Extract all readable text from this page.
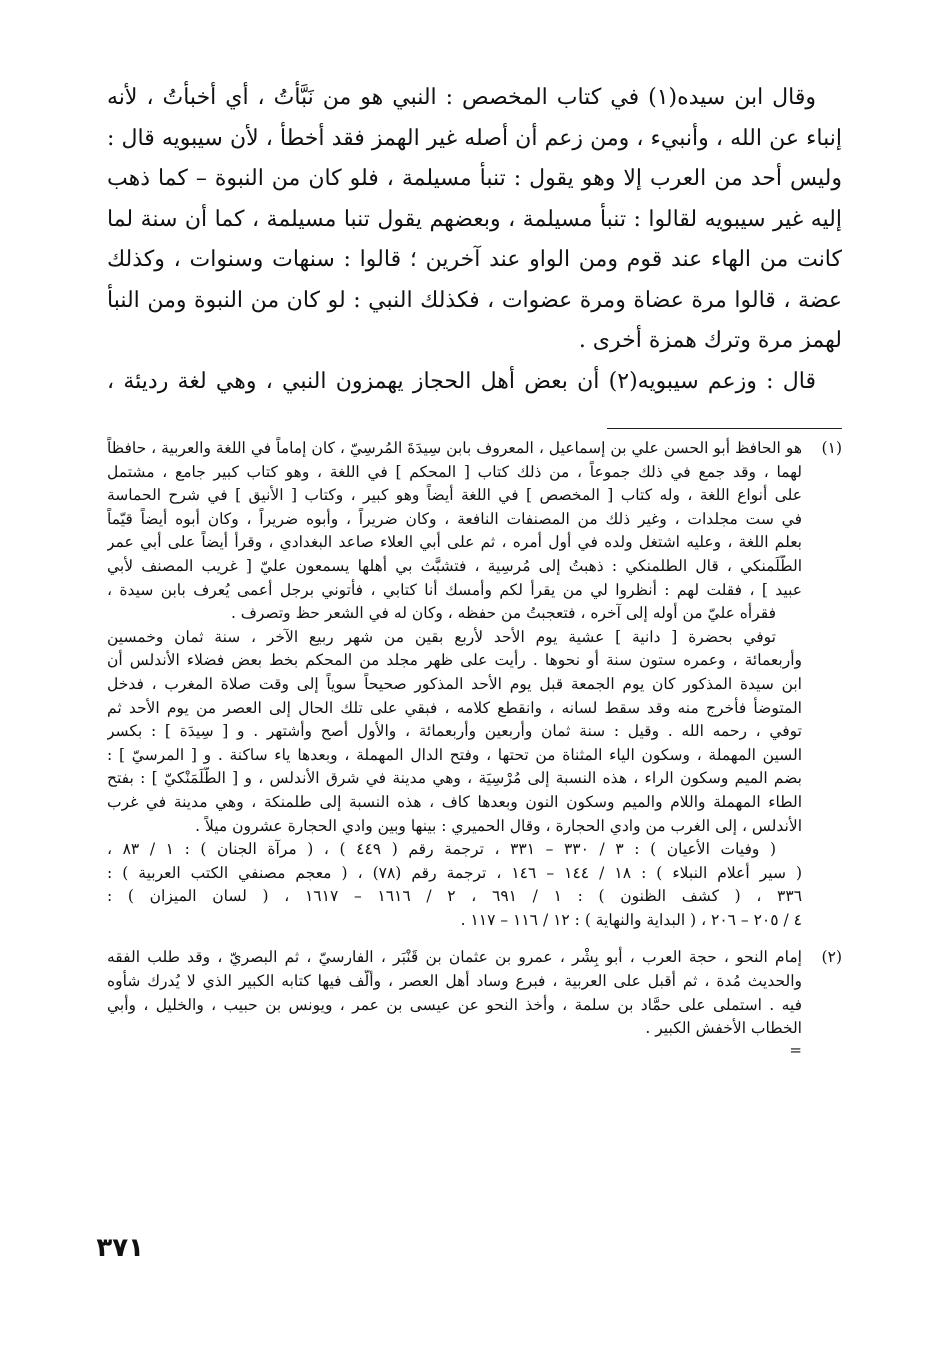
وقال ابن سيده(١) في كتاب المخصص : النبي هو من نَبَّأتُ ، أي أخبأتُ ، لأنه
إنباء عن الله ، وأنبيء ، ومن زعم أن أصله غير الهمز فقد أخطأ ، لأن سيبويه قال :
وليس أحد من العرب إلا وهو يقول : تنبأ مسيلمة ، فلو كان من النبوة – كما ذهب
إليه غير سيبويه لقالوا : تنبأ مسيلمة ، وبعضهم يقول تنبا مسيلمة ، كما أن سنة لما
كانت من الهاء عند قوم ومن الواو عند آخرين ؛ قالوا : سنهات وسنوات ، وكذلك
عضة ، قالوا مرة عضاة ومرة عضوات ، فكذلك النبي : لو كان من النبوة ومن النبأ
لهمز مرة وترك همزة أخرى .
قال : وزعم سيبويه(٢) أن بعض أهل الحجاز يهمزون النبي ، وهي لغة رديئة ،
(١)

هو الحافظ أبو الحسن علي بن إسماعيل ، المعروف بابن سِيدَةَ المُرسِيّ ، كان إماماً في اللغة والعربية ، حافظاً
لهما ، وقد جمع في ذلك جموعاً ، من ذلك كتاب [ المحكم ] في اللغة ، وهو كتاب كبير جامع ، مشتمل
على أنواع اللغة ، وله كتاب [ المخصص ] في اللغة أيضاً وهو كبير ، وكتاب [ الأنيق ] في شرح الحماسة
في ست مجلدات ، وغير ذلك من المصنفات النافعة ، وكان ضريراً ، وأبوه ضريراً ، وكان أبوه أيضاً قيّماً
بعلم اللغة ، وعليه اشتغل ولده في أول أمره ، ثم على أبي العلاء صاعد البغدادي ، وقرأ أيضاً على أبي عمر
الطَّلَمنكي ، قال الطلمنكي : ذهبتُ إلى مُرسِية ، فتشبَّث بي أهلها يسمعون عليّ [ غريب المصنف لأبي
عبيد ] ، فقلت لهم : أنظروا لي من يقرأ لكم وأمسك أنا كتابي ، فأتوني برجل أعمى يُعرف بابن سيدة ،
فقرأه عليّ من أوله إلى آخره ، فتعجبتُ من حفظه ، وكان له في الشعر حظ وتصرف .

توفي بحضرة [ دانية ] عشية يوم الأحد لأربع بقين من شهر ربيع الآخر ، سنة ثمان وخمسين
وأربعمائة ، وعمره ستون سنة أو نحوها . رأيت على ظهر مجلد من المحكم بخط بعض فضلاء الأندلس أن
ابن سيدة المذكور كان يوم الجمعة قبل يوم الأحد المذكور صحيحاً سوياً إلى وقت صلاة المغرب ، فدخل
المتوضأ فأُخرج منه وقد سقط لسانه ، وانقطع كلامه ، فبقي على تلك الحال إلى العصر من يوم الأحد ثم
توفي ، رحمه الله . وقيل : سنة ثمان وأربعين وأربعمائة ، والأول أصح وأشتهر . و [ سِيدَة ] : بكسر
السين المهملة ، وسكون الياء المثناة من تحتها ، وفتح الدال المهملة ، وبعدها ياء ساكنة . و [ المرسيّ ] :
بضم الميم وسكون الراء ، هذه النسبة إلى مُرْسِيَة ، وهي مدينة في شرق الأندلس ، و [ الطَّلَمَنْكيّ ] : بفتح
الطاء المهملة واللام والميم وسكون النون وبعدها كاف ، هذه النسبة إلى طلمنكة ، وهي مدينة في غرب
الأندلس ، إلى الغرب من وادي الحجارة ، وقال الحميري : بينها وبين وادي الحجارة عشرون ميلاً .

( وفيات الأعيان ) : ٣ / ٣٣٠ – ٣٣١ ، ترجمة رقم ( ٤٤٩ ) ، ( مرآة الجنان ) : ١ / ٨٣ ،
( سير أعلام النبلاء ) : ١٨ / ١٤٤ – ١٤٦ ، ترجمة رقم (٧٨) ، ( معجم مصنفي الكتب العربية ) :
٣٣٦ ، ( كشف الظنون ) : ١ / ٦٩١ ، ٢ / ١٦١٦ – ١٦١٧ ، ( لسان الميزان ) :
٤ / ٢٠٥ – ٢٠٦ ، ( البداية والنهاية ) : ١٢ / ١١٦ – ١١٧ .

(٢)

إمام النحو ، حجة العرب ، أبو بِشْر ، عمرو بن عثمان بن قَنْبَر ، الفارسيّ ، ثم البصريّ ، وقد طلب الفقه
والحديث مُدة ، ثم أقبل على العربية ، فبرع وساد أهل العصر ، وألَّف فيها كتابه الكبير الذي لا يُدرك شأْوه
فيه . استملى على حمَّاد بن سلمة ، وأخذ النحو عن عيسى بن عمر ، ويونس بن حبيب ، والخليل ، وأبي
الخطاب الأخفش الكبير .

=
٣٧١
